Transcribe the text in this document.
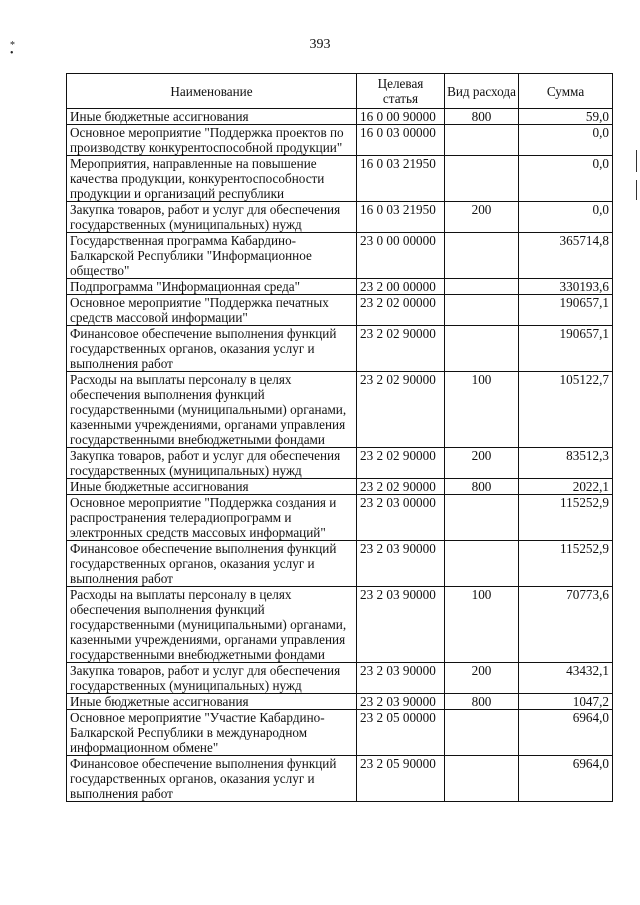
393
*
•
Наименование	Целевая статья	Вид расхода	Сумма
Иные бюджетные ассигнования	16 0 00 90000	800	59,0
Основное мероприятие "Поддержка проектов по производству конкурентоспособной продукции"	16 0 03 00000		0,0
Мероприятия, направленные на повышение качества продукции, конкурентоспособности продукции и организаций республики	16 0 03 21950		0,0
Закупка товаров, работ и услуг для обеспечения государственных (муниципальных) нужд	16 0 03 21950	200	0,0
Государственная программа Кабардино-Балкарской Республики "Информационное общество"	23 0 00 00000		365714,8
Подпрограмма "Информационная среда"	23 2 00 00000		330193,6
Основное мероприятие "Поддержка печатных средств массовой информации"	23 2 02 00000		190657,1
Финансовое обеспечение выполнения функций государственных органов, оказания услуг и выполнения работ	23 2 02 90000		190657,1
Расходы на выплаты персоналу в целях обеспечения выполнения функций государственными (муниципальными) органами, казенными учреждениями, органами управления государственными внебюджетными фондами	23 2 02 90000	100	105122,7
Закупка товаров, работ и услуг для обеспечения государственных (муниципальных) нужд	23 2 02 90000	200	83512,3
Иные бюджетные ассигнования	23 2 02 90000	800	2022,1
Основное мероприятие "Поддержка создания и распространения телерадиопрограмм и электронных средств массовых информаций"	23 2 03 00000		115252,9
Финансовое обеспечение выполнения функций государственных органов, оказания услуг и выполнения работ	23 2 03 90000		115252,9
Расходы на выплаты персоналу в целях обеспечения выполнения функций государственными (муниципальными) органами, казенными учреждениями, органами управления государственными внебюджетными фондами	23 2 03 90000	100	70773,6
Закупка товаров, работ и услуг для обеспечения государственных (муниципальных) нужд	23 2 03 90000	200	43432,1
Иные бюджетные ассигнования	23 2 03 90000	800	1047,2
Основное мероприятие "Участие Кабардино-Балкарской Республики в международном информационном обмене"	23 2 05 00000		6964,0
Финансовое обеспечение выполнения функций государственных органов, оказания услуг и выполнения работ	23 2 05 90000		6964,0
